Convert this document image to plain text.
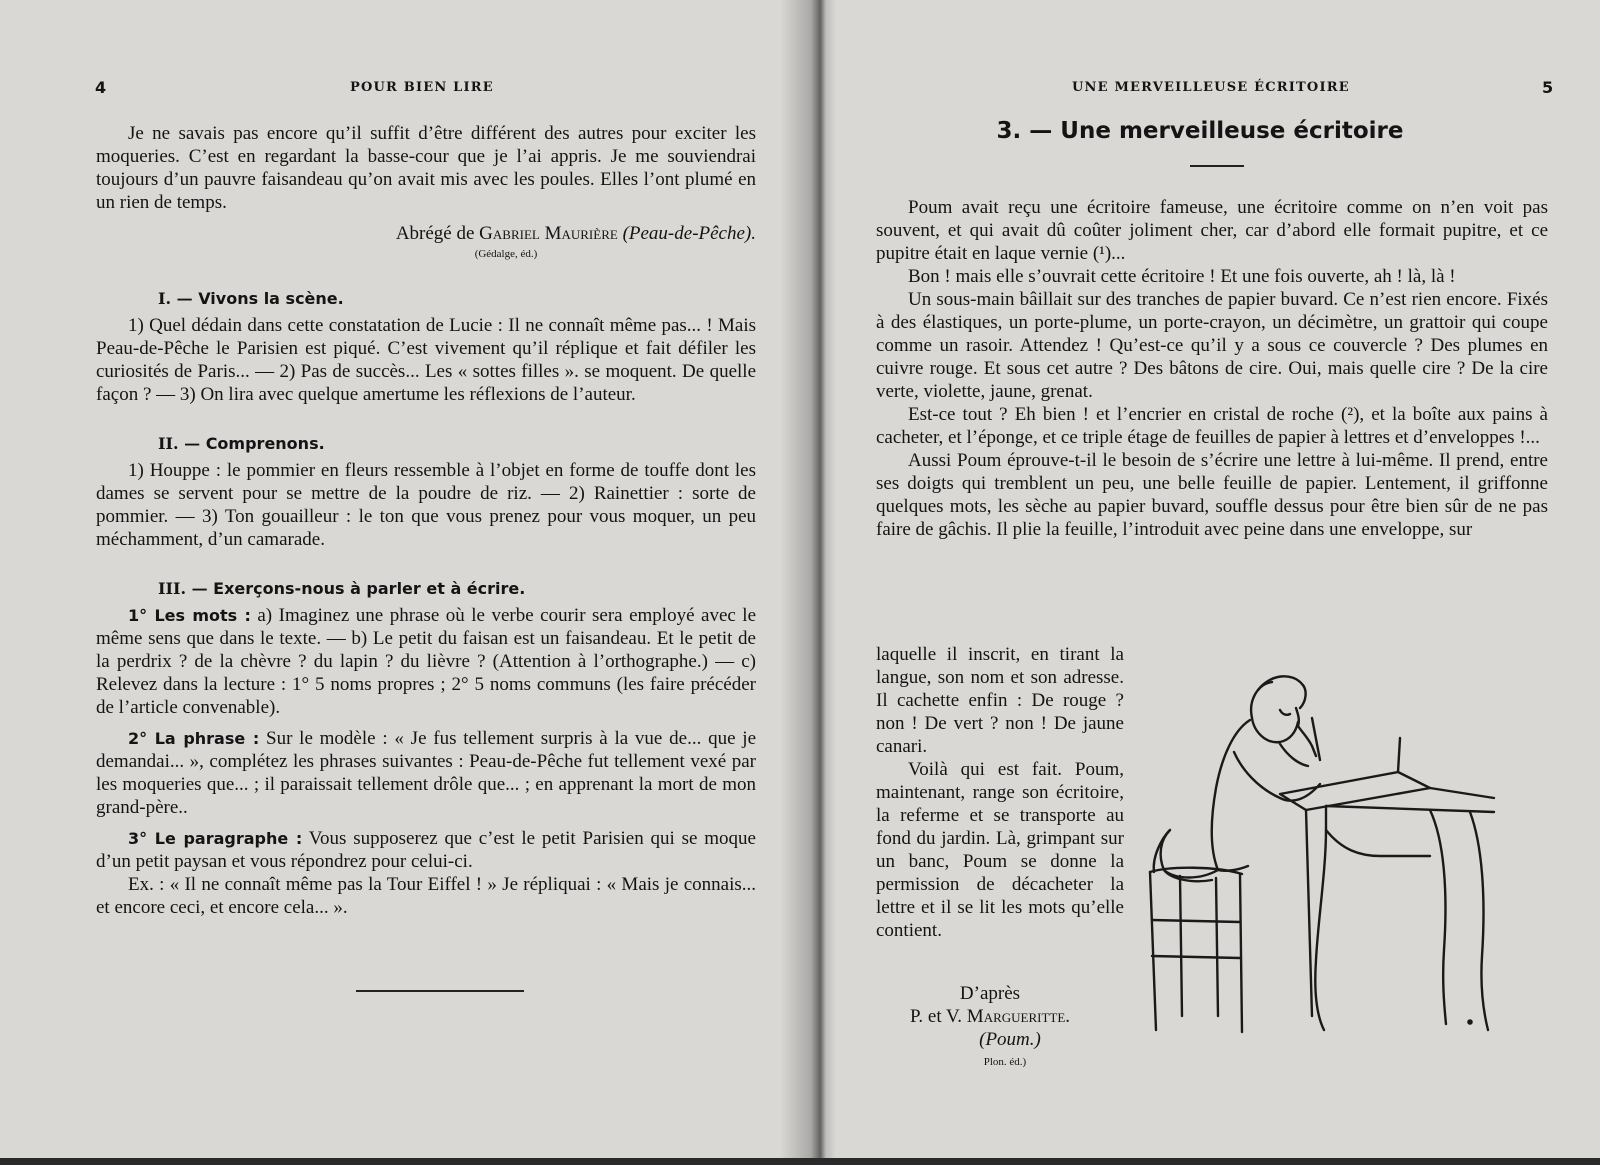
4	POUR BIEN LIRE

Je ne savais pas encore qu’il suffit d’être différent des autres pour exciter les moqueries. C’est en regardant la basse-cour que je l’ai appris. Je me souviendrai toujours d’un pauvre faisandeau qu’on avait mis avec les poules. Elles l’ont plumé en un rien de temps.

Abrégé de Gabriel Maurière (Peau-de-Pêche).

(Gédalge, éd.)

I. — Vivons la scène.

1) Quel dédain dans cette constatation de Lucie : Il ne connaît même pas... ! Mais Peau-de-Pêche le Parisien est piqué. C’est vivement qu’il réplique et fait défiler les curiosités de Paris... — 2) Pas de succès... Les « sottes filles ». se moquent. De quelle façon ? — 3) On lira avec quelque amertume les réflexions de l’auteur.

II. — Comprenons.

1) Houppe : le pommier en fleurs ressemble à l’objet en forme de touffe dont les dames se servent pour se mettre de la poudre de riz. — 2) Rainettier : sorte de pommier. — 3) Ton gouailleur : le ton que vous prenez pour vous moquer, un peu méchamment, d’un camarade.

III. — Exerçons-nous à parler et à écrire.

1° Les mots : a) Imaginez une phrase où le verbe courir sera employé avec le même sens que dans le texte. — b) Le petit du faisan est un faisandeau. Et le petit de la perdrix ? de la chèvre ? du lapin ? du lièvre ? (Attention à l’orthographe.) — c) Relevez dans la lecture : 1° 5 noms propres ; 2° 5 noms communs (les faire précéder de l’article convenable).

2° La phrase : Sur le modèle : « Je fus tellement surpris à la vue de... que je demandai... », complétez les phrases suivantes : Peau-de-Pêche fut tellement vexé par les moqueries que... ; il paraissait tellement drôle que... ; en apprenant la mort de mon grand-père..

3° Le paragraphe : Vous supposerez que c’est le petit Parisien qui se moque d’un petit paysan et vous répondrez pour celui-ci.

Ex. : « Il ne connaît même pas la Tour Eiffel ! » Je répliquai : « Mais je connais... et encore ceci, et encore cela... ».

UNE MERVEILLEUSE ÉCRITOIRE	5
3. — Une merveilleuse écritoire

Poum avait reçu une écritoire fameuse, une écritoire comme on n’en voit pas souvent, et qui avait dû coûter joliment cher, car d’abord elle formait pupitre, et ce pupitre était en laque vernie (¹)...

Bon ! mais elle s’ouvrait cette écritoire ! Et une fois ouverte, ah ! là, là !

Un sous-main bâillait sur des tranches de papier buvard. Ce n’est rien encore. Fixés à des élastiques, un porte-plume, un porte-crayon, un décimètre, un grattoir qui coupe comme un rasoir. Attendez ! Qu’est-ce qu’il y a sous ce couvercle ? Des plumes en cuivre rouge. Et sous cet autre ? Des bâtons de cire. Oui, mais quelle cire ? De la cire verte, violette, jaune, grenat.

Est-ce tout ? Eh bien ! et l’encrier en cristal de roche (²), et la boîte aux pains à cacheter, et l’éponge, et ce triple étage de feuilles de papier à lettres et d’enveloppes !...

Aussi Poum éprouve-t-il le besoin de s’écrire une lettre à lui-même. Il prend, entre ses doigts qui tremblent un peu, une belle feuille de papier. Lentement, il griffonne quelques mots, les sèche au papier buvard, souffle dessus pour être bien sûr de ne pas faire de gâchis. Il plie la feuille, l’introduit avec peine dans une enveloppe, sur

laquelle il inscrit, en tirant la langue, son nom et son adresse. Il cachette enfin : De rouge ? non ! De vert ? non ! De jaune canari.

Voilà qui est fait. Poum, maintenant, range son écritoire, la referme et se transporte au fond du jardin. Là, grimpant sur un banc, Poum se donne la permission de décacheter la lettre et il se lit les mots qu’elle contient.

D’après
P. et V. Margueritte.
(Poum.)
Plon. éd.)
